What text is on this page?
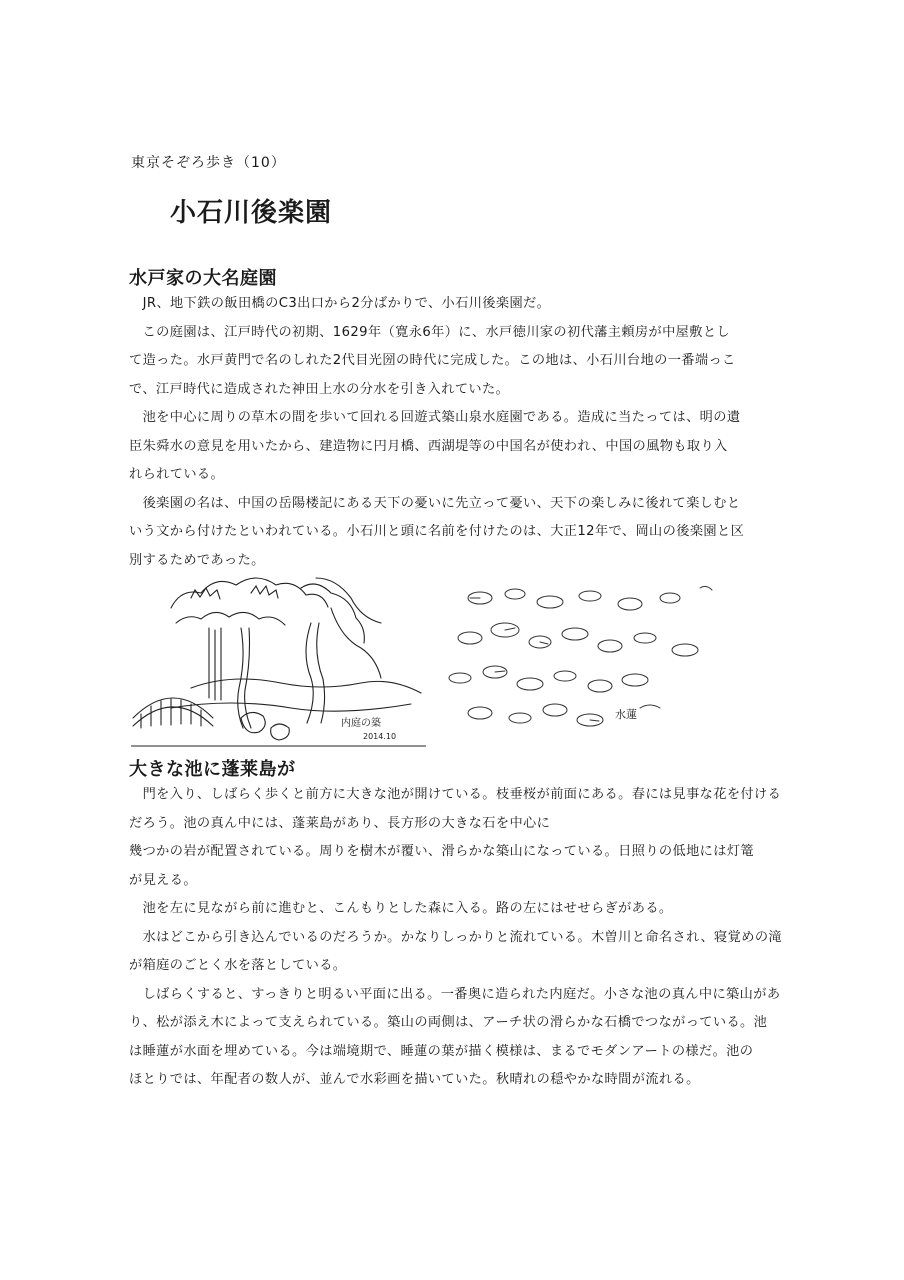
東京そぞろ歩き（10）
小石川後楽園
水戸家の大名庭園
　JR、地下鉄の飯田橋のC3出口から2分ばかりで、小石川後楽園だ。
　この庭園は、江戸時代の初期、1629年（寛永6年）に、水戸徳川家の初代藩主頼房が中屋敷とし
て造った。水戸黄門で名のしれた2代目光圀の時代に完成した。この地は、小石川台地の一番端っこ
で、江戸時代に造成された神田上水の分水を引き入れていた。
　池を中心に周りの草木の間を歩いて回れる回遊式築山泉水庭園である。造成に当たっては、明の遺
臣朱舜水の意見を用いたから、建造物に円月橋、西湖堤等の中国名が使われ、中国の風物も取り入
れられている。
　後楽園の名は、中国の岳陽楼記にある天下の憂いに先立って憂い、天下の楽しみに後れて楽しむと
いう文から付けたといわれている。小石川と頭に名前を付けたのは、大正12年で、岡山の後楽園と区
別するためであった。
内庭の築
2014.10
水蓮
大きな池に蓬莱島が
　門を入り、しばらく歩くと前方に大きな池が開けている。枝垂桜が前面にある。春には見事な花を付ける
だろう。池の真ん中には、蓬莱島があり、長方形の大きな石を中心に
幾つかの岩が配置されている。周りを樹木が覆い、滑らかな築山になっている。日照りの低地には灯篭
が見える。
　池を左に見ながら前に進むと、こんもりとした森に入る。路の左にはせせらぎがある。
　水はどこから引き込んでいるのだろうか。かなりしっかりと流れている。木曽川と命名され、寝覚めの滝
が箱庭のごとく水を落としている。
　しばらくすると、すっきりと明るい平面に出る。一番奥に造られた内庭だ。小さな池の真ん中に築山があ
り、松が添え木によって支えられている。築山の両側は、アーチ状の滑らかな石橋でつながっている。池
は睡蓮が水面を埋めている。今は端境期で、睡蓮の葉が描く模様は、まるでモダンアートの様だ。池の
ほとりでは、年配者の数人が、並んで水彩画を描いていた。秋晴れの穏やかな時間が流れる。
